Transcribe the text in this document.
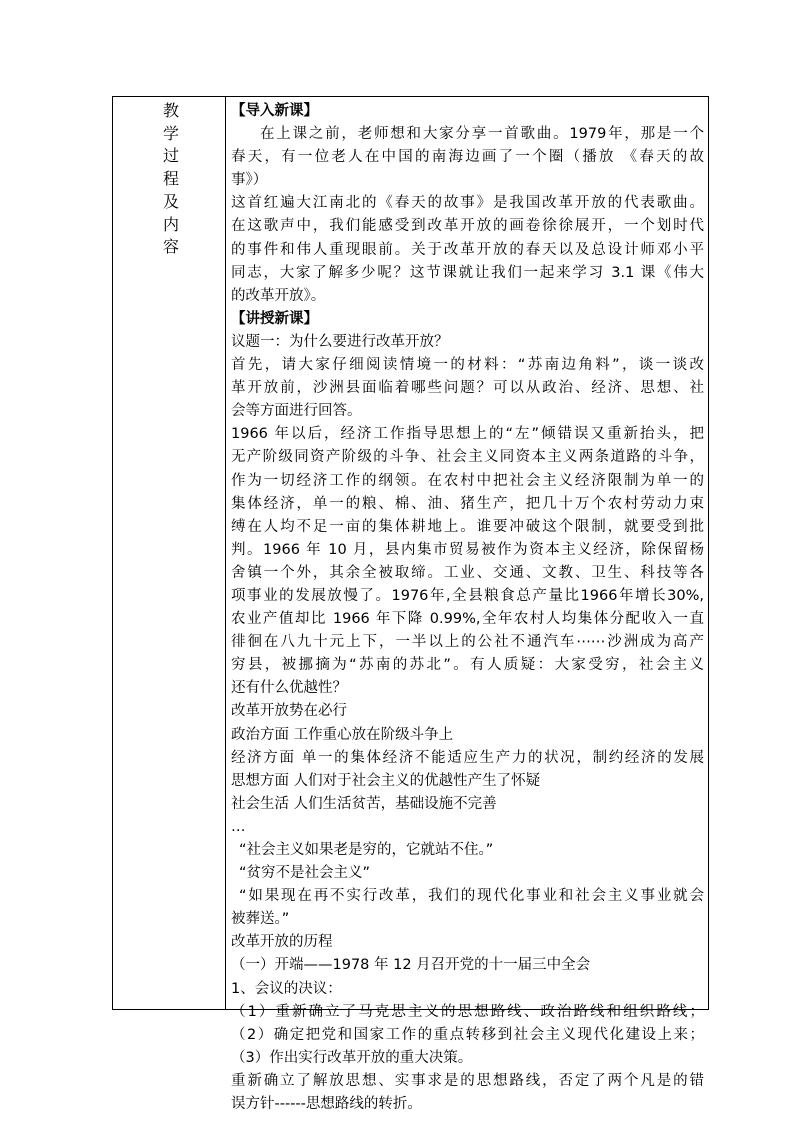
教
学
过
程
及
内
容
【导入新课】
在上课之前，老师想和大家分享一首歌曲。1979年，那是一个
春天，有一位老人在中国的南海边画了一个圈（播放 《春天的故
事》）
这首红遍大江南北的《春天的故事》是我国改革开放的代表歌曲。
在这歌声中，我们能感受到改革开放的画卷徐徐展开，一个划时代
的事件和伟人重现眼前。关于改革开放的春天以及总设计师邓小平
同志，大家了解多少呢？这节课就让我们一起来学习 3.1 课《伟大
的改革开放》。
【讲授新课】
议题一：为什么要进行改革开放？
首先，请大家仔细阅读情境一的材料：“苏南边角料”，谈一谈改
革开放前，沙洲县面临着哪些问题？可以从政治、经济、思想、社
会等方面进行回答。
1966 年以后，经济工作指导思想上的“左”倾错误又重新抬头，把
无产阶级同资产阶级的斗争、社会主义同资本主义两条道路的斗争，
作为一切经济工作的纲领。在农村中把社会主义经济限制为单一的
集体经济，单一的粮、棉、油、猪生产，把几十万个农村劳动力束
缚在人均不足一亩的集体耕地上。谁要冲破这个限制，就要受到批
判。1966 年 10 月，县内集市贸易被作为资本主义经济，除保留杨
舍镇一个外，其余全被取缔。工业、交通、文教、卫生、科技等各
项事业的发展放慢了。1976年,全县粮食总产量比1966年增长30%,
农业产值却比 1966 年下降 0.99%,全年农村人均集体分配收入一直
徘徊在八九十元上下，一半以上的公社不通汽车⋯⋯沙洲成为高产
穷县，被挪摘为“苏南的苏北”。有人质疑：大家受穷，社会主义
还有什么优越性？
改革开放势在必行
政治方面 工作重心放在阶级斗争上
经济方面 单一的集体经济不能适应生产力的状况，制约经济的发展
思想方面 人们对于社会主义的优越性产生了怀疑
社会生活 人们生活贫苦，基础设施不完善
…
“社会主义如果老是穷的，它就站不住。”
“贫穷不是社会主义”
“如果现在再不实行改革，我们的现代化事业和社会主义事业就会
被葬送。”
改革开放的历程
（一）开端——1978 年 12 月召开党的十一届三中全会
1、会议的决议：
（1）重新确立了马克思主义的思想路线、政治路线和组织路线；
（2）确定把党和国家工作的重点转移到社会主义现代化建设上来；
（3）作出实行改革开放的重大决策。
重新确立了解放思想、实事求是的思想路线，否定了两个凡是的错
误方针------思想路线的转折。
